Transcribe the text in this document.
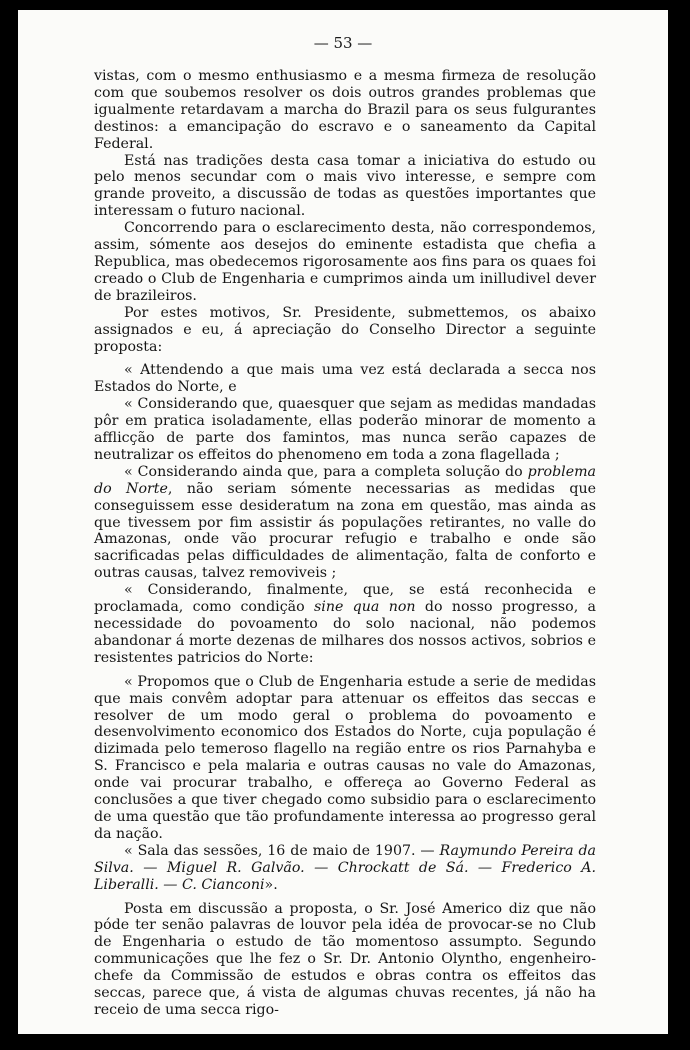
— 53 —

vistas, com o mesmo enthusiasmo e a mesma firmeza de resolução com que soubemos resolver os dois outros grandes problemas que igualmente retardavam a marcha do Brazil para os seus fulgurantes destinos: a emancipação do escravo e o saneamento da Capital Federal.

Está nas tradições desta casa tomar a iniciativa do estudo ou pelo menos secundar com o mais vivo interesse, e sempre com grande proveito, a discussão de todas as questões importantes que interessam o futuro nacional.

Concorrendo para o esclarecimento desta, não correspondemos, assim, sómente aos desejos do eminente estadista que chefia a Republica, mas obedecemos rigorosamente aos fins para os quaes foi creado o Club de Engenharia e cumprimos ainda um inilludivel dever de brazileiros.

Por estes motivos, Sr. Presidente, submettemos, os abaixo assignados e eu, á apreciação do Conselho Director a seguinte proposta:

« Attendendo a que mais uma vez está declarada a secca nos Estados do Norte, e

« Considerando que, quaesquer que sejam as medidas mandadas pôr em pratica isoladamente, ellas poderão minorar de momento a afflicção de parte dos famintos, mas nunca serão capazes de neutralizar os effeitos do phenomeno em toda a zona flagellada ;

« Considerando ainda que, para a completa solução do problema do Norte, não seriam sómente necessarias as medidas que conseguissem esse desideratum na zona em questão, mas ainda as que tivessem por fim assistir ás populações retirantes, no valle do Amazonas, onde vão procurar refugio e trabalho e onde são sacrificadas pelas difficuldades de alimentação, falta de conforto e outras causas, talvez removiveis ;

« Considerando, finalmente, que, se está reconhecida e proclamada, como condição sine qua non do nosso progresso, a necessidade do povoamento do solo nacional, não podemos abandonar á morte dezenas de milhares dos nossos activos, sobrios e resistentes patricios do Norte:

« Propomos que o Club de Engenharia estude a serie de medidas que mais convêm adoptar para attenuar os effeitos das seccas e resolver de um modo geral o problema do povoamento e desenvolvimento economico dos Estados do Norte, cuja população é dizimada pelo temeroso flagello na região entre os rios Parnahyba e S. Francisco e pela malaria e outras causas no vale do Amazonas, onde vai procurar trabalho, e offereça ao Governo Federal as conclusões a que tiver chegado como subsidio para o esclarecimento de uma questão que tão profundamente interessa ao progresso geral da nação.

« Sala das sessões, 16 de maio de 1907. — Raymundo Pereira da Silva. — Miguel R. Galvão. — Chrockatt de Sá. — Frederico A. Liberalli. — C. Cianconi».

Posta em discussão a proposta, o Sr. José Americo diz que não póde ter senão palavras de louvor pela idéa de provocar-se no Club de Engenharia o estudo de tão momentoso assumpto. Segundo communicações que lhe fez o Sr. Dr. Antonio Olyntho, engenheiro-chefe da Commissão de estudos e obras contra os effeitos das seccas, parece que, á vista de algumas chuvas recentes, já não ha receio de uma secca rigo-
